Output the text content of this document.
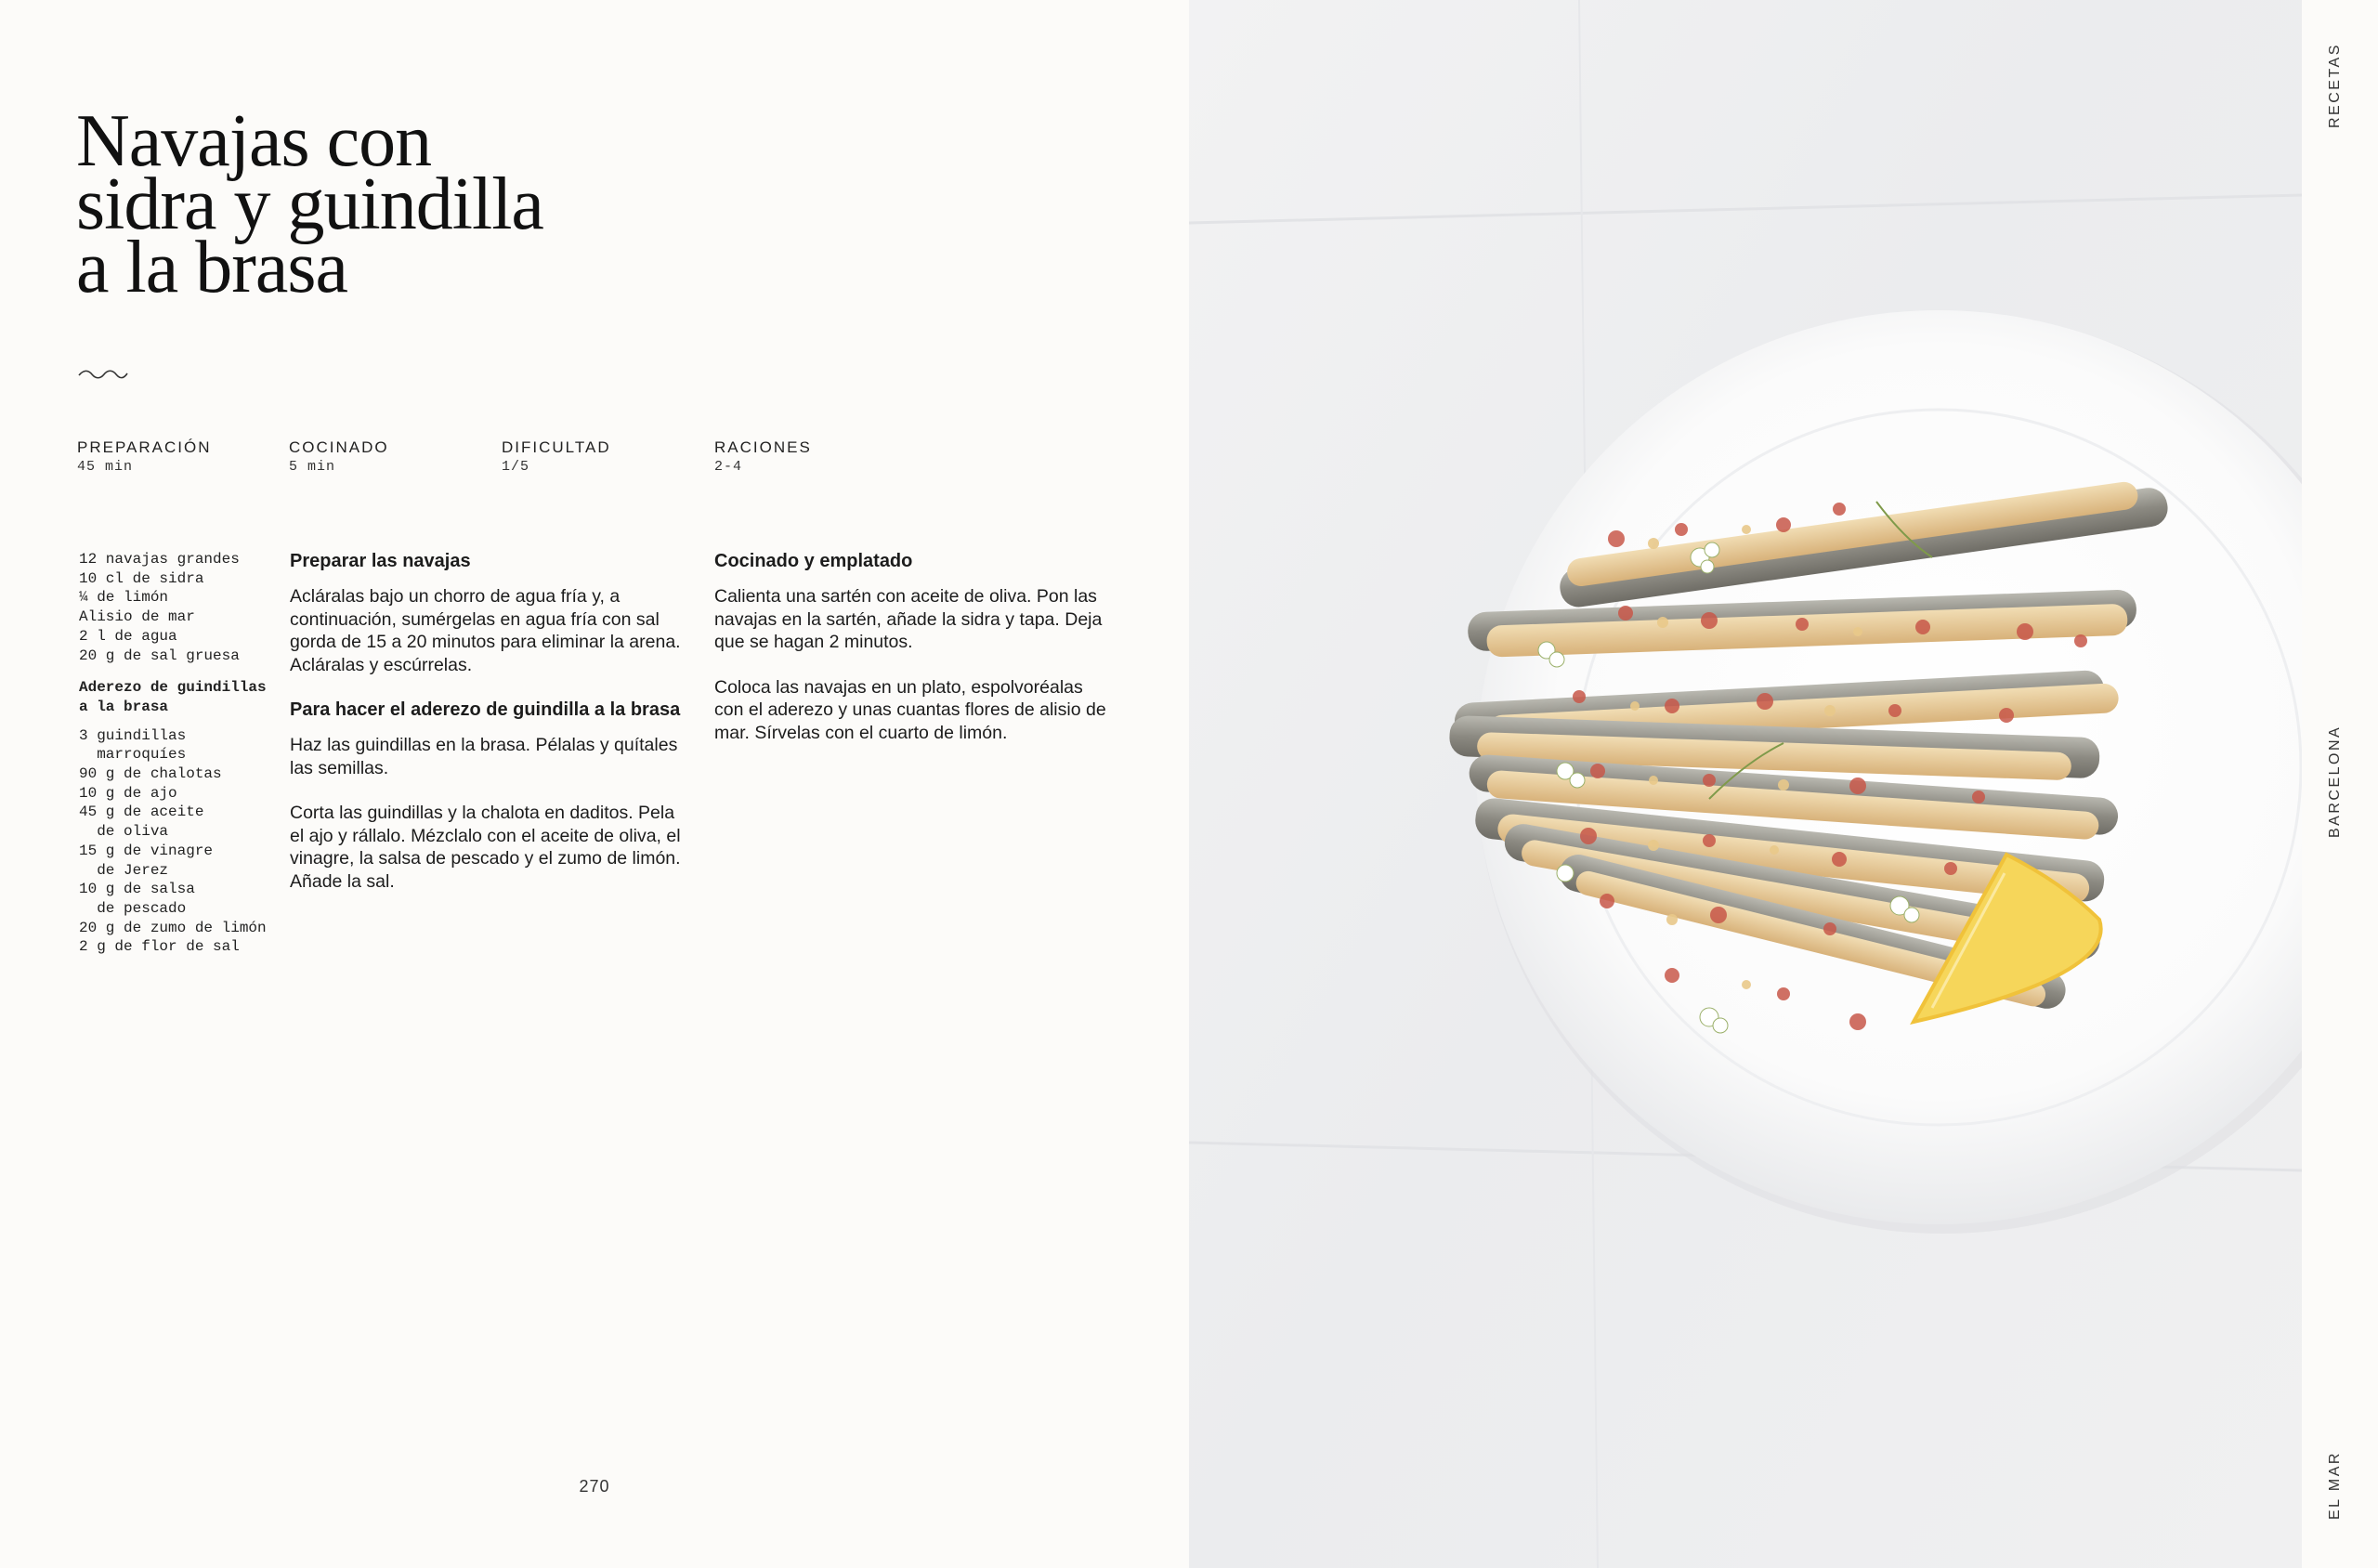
Navajas con
sidra y guindilla
a la brasa
PREPARACIÓN
45 min
COCINADO
5 min
DIFICULTAD
1/5
RACIONES
2-4
12 navajas grandes
10 cl de sidra
¼ de limón
Alisio de mar
2 l de agua
20 g de sal gruesa
Aderezo de guindillas
a la brasa
3 guindillas
marroquíes
90 g de chalotas
10 g de ajo
45 g de aceite
de oliva
15 g de vinagre
de Jerez
10 g de salsa
de pescado
20 g de zumo de limón
2 g de flor de sal
Preparar las navajas

Acláralas bajo un chorro de agua fría y, a continuación, sumérgelas en agua fría con sal gorda de 15 a 20 minutos para eliminar la arena. Acláralas y escúrrelas.

Para hacer el aderezo de guindilla a la brasa

Haz las guindillas en la brasa. Pélalas y quítales las semillas.

Corta las guindillas y la chalota en daditos. Pela el ajo y rállalo. Mézclalo con el aceite de oliva, el vinagre, la salsa de pescado y el zumo de limón. Añade la sal.

Cocinado y emplatado

Calienta una sartén con aceite de oliva. Pon las navajas en la sartén, añade la sidra y tapa. Deja que se hagan 2 minutos.

Coloca las navajas en un plato, espolvoréalas con el aderezo y unas cuantas flores de alisio de mar. Sírvelas con el cuarto de limón.

270
RECETAS
BARCELONA
EL MAR
